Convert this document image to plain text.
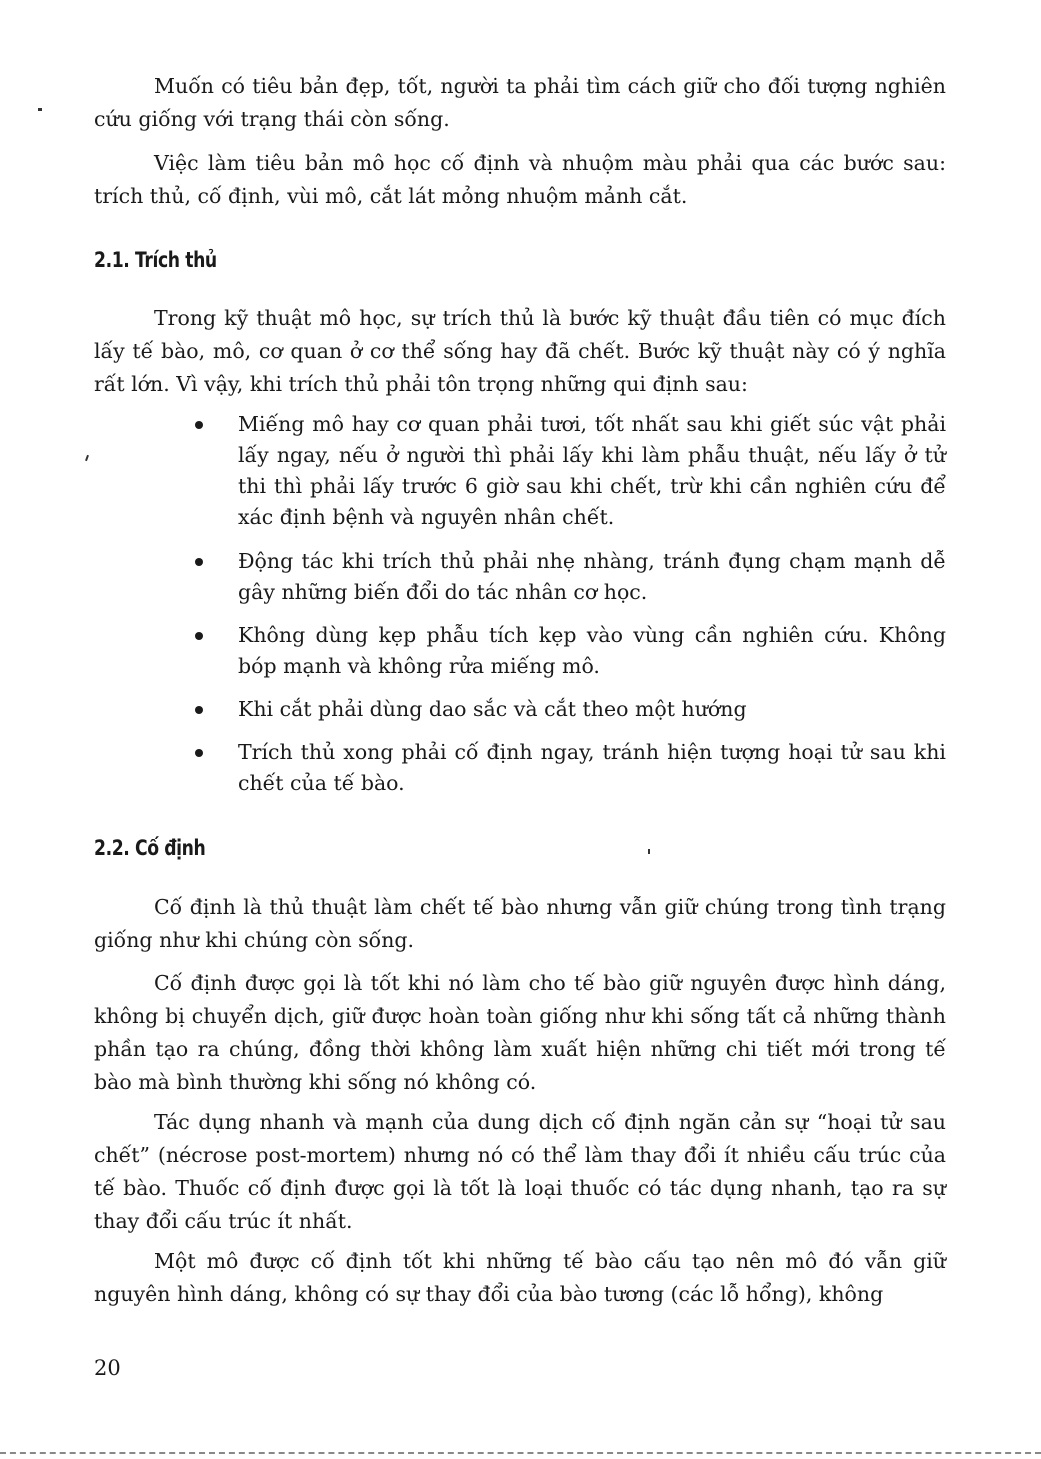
Muốn có tiêu bản đẹp, tốt, người ta phải tìm cách giữ cho đối tượng nghiên cứu giống với trạng thái còn sống.

Việc làm tiêu bản mô học cố định và nhuộm màu phải qua các bước sau: trích thủ, cố định, vùi mô, cắt lát mỏng nhuộm mảnh cắt.

2.1. Trích thủ

Trong kỹ thuật mô học, sự trích thủ là bước kỹ thuật đầu tiên có mục đích lấy tế bào, mô, cơ quan ở cơ thể sống hay đã chết. Bước kỹ thuật này có ý nghĩa rất lớn. Vì vậy, khi trích thủ phải tôn trọng những qui định sau:

Miếng mô hay cơ quan phải tươi, tốt nhất sau khi giết súc vật phải lấy ngay, nếu ở người thì phải lấy khi làm phẫu thuật, nếu lấy ở tử thi thì phải lấy trước 6 giờ sau khi chết, trừ khi cần nghiên cứu để xác định bệnh và nguyên nhân chết.
Động tác khi trích thủ phải nhẹ nhàng, tránh đụng chạm mạnh dễ gây những biến đổi do tác nhân cơ học.
Không dùng kẹp phẫu tích kẹp vào vùng cần nghiên cứu. Không bóp mạnh và không rửa miếng mô.
Khi cắt phải dùng dao sắc và cắt theo một hướng
Trích thủ xong phải cố định ngay, tránh hiện tượng hoại tử sau khi chết của tế bào.
2.2. Cố định

Cố định là thủ thuật làm chết tế bào nhưng vẫn giữ chúng trong tình trạng giống như khi chúng còn sống.

Cố định được gọi là tốt khi nó làm cho tế bào giữ nguyên được hình dáng, không bị chuyển dịch, giữ được hoàn toàn giống như khi sống tất cả những thành phần tạo ra chúng, đồng thời không làm xuất hiện những chi tiết mới trong tế bào mà bình thường khi sống nó không có.

Tác dụng nhanh và mạnh của dung dịch cố định ngăn cản sự “hoại tử sau chết” (nécrose post-mortem) nhưng nó có thể làm thay đổi ít nhiều cấu trúc của tế bào. Thuốc cố định được gọi là tốt là loại thuốc có tác dụng nhanh, tạo ra sự thay đổi cấu trúc ít nhất.

Một mô được cố định tốt khi những tế bào cấu tạo nên mô đó vẫn giữ nguyên hình dáng, không có sự thay đổi của bào tương (các lỗ hổng), không

20
